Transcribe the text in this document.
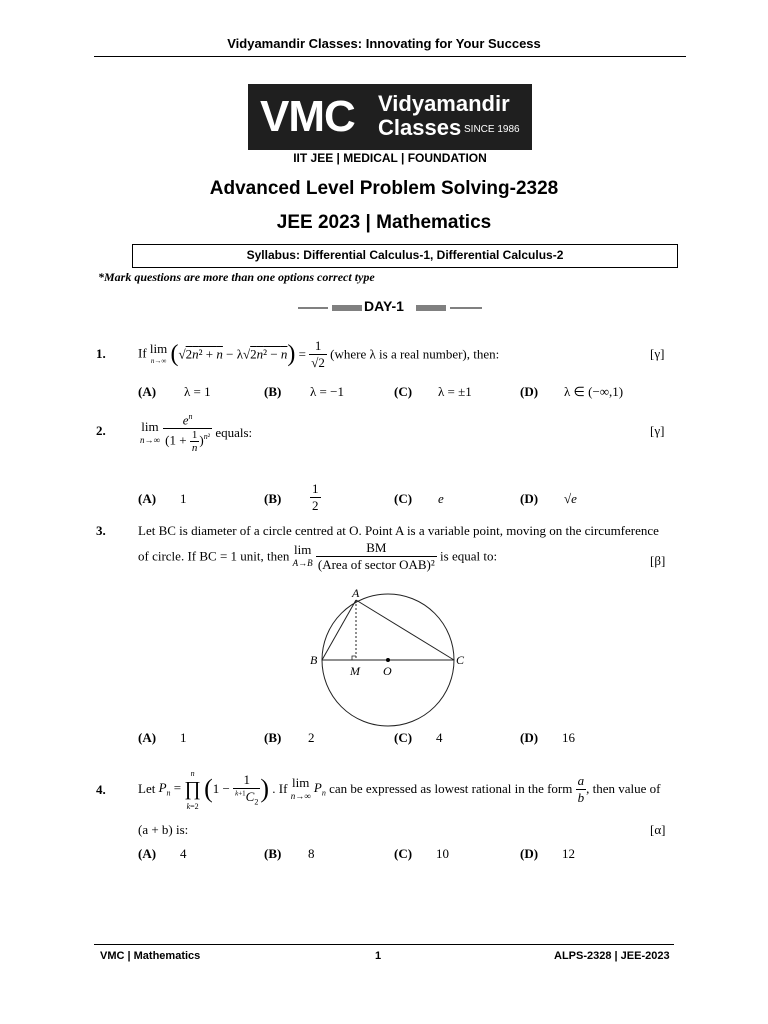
Vidyamandir Classes: Innovating for Your Success
VMC Vidyamandir
Classes SINCE 1986
IIT JEE | MEDICAL | FOUNDATION
Advanced Level Problem Solving-2328
JEE 2023 | Mathematics
Syllabus: Differential Calculus-1, Differential Calculus-2
*Mark questions are more than one options correct type
DAY-1
1. If lim
n→∞ $(√2n^2 + n - \lambda√2n^2 - n) = \frac{1}{√2}$ (where λ is a real number), then:	[γ]
(A) λ = 1	(B) λ = −1	(C) λ = ±1	(D) λ ∈ (−∞,1)
2.	lim
$n\to\infty \frac{e^n}{(1 + \frac{1}{n} )^{n^2}}$ equals:	[γ]
(A) 1	$(B) \frac{1}{2}$	(C) e	(D) √e
3. Let BC is diameter of a circle centred at O. Point A is a variable point, moving on the circumference
of circle. If BC = 1 unit, then lim
$A\to B \frac{BM}{\text{(Area of sector OAB)²}}$ is equal to:	[β]
A
B	C
M O
(A) 1	(B) 2	(C) 4	(D) 16
4. Let $P_n = n$
∏
k=2 ($1 - \frac{1}{^{k+1}C_2}$ ) . If lim
n→∞ $P_n$ can be expressed as lowest rational in the form $\frac{a}{b}$ , then value of
(a + b) is:	[α]
(A) 4	(B) 8	(C) 10	(D) 12
VMC | Mathematics	1	ALPS-2328 | JEE-2023
